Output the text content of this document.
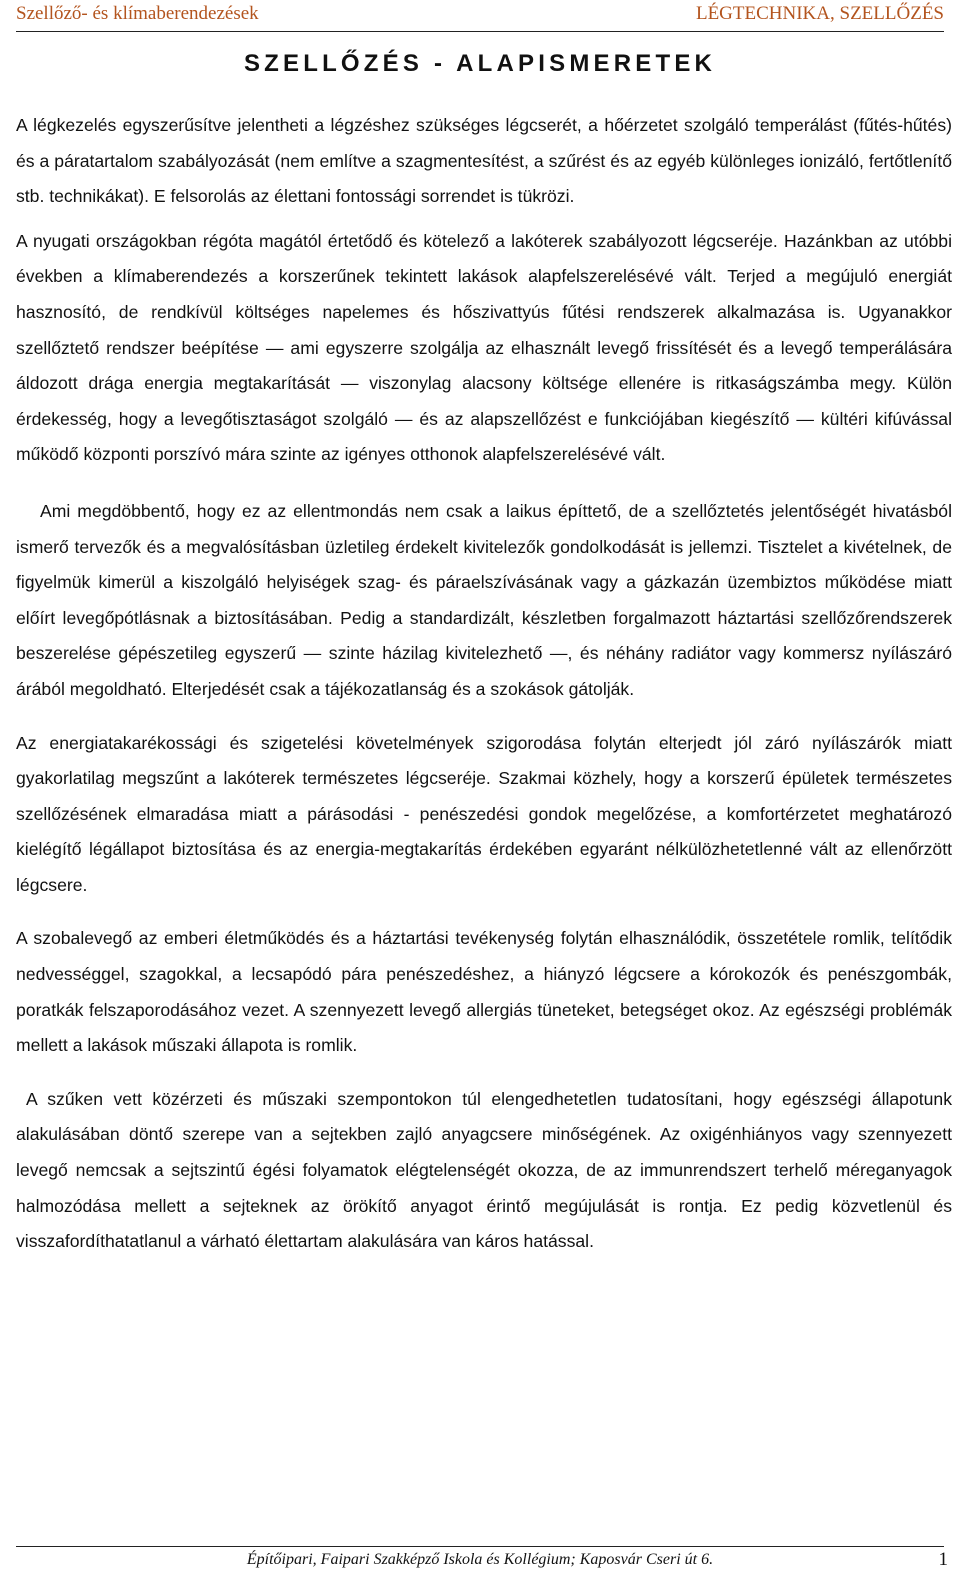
Szellőző- és klímaberendezések	LÉGTECHNIKA, SZELLŐZÉS
SZELLŐZÉS - ALAPISMERETEK

A légkezelés egyszerűsítve jelentheti a légzéshez szükséges légcserét, a hőérzetet szolgáló temperálást (fűtés-hűtés) és a páratartalom szabályozását (nem említve a szagmentesítést, a szűrést és az egyéb különleges ionizáló, fertőtlenítő stb. technikákat). E felsorolás az élettani fontossági sorrendet is tükrözi.

A nyugati országokban régóta magától értetődő és kötelező a lakóterek szabályozott légcseréje. Hazánkban az utóbbi években a klímaberendezés a korszerűnek tekintett lakások alapfelszerelésévé vált. Terjed a megújuló energiát hasznosító, de rendkívül költséges napelemes és hőszivattyús fűtési rendszerek alkalmazása is. Ugyanakkor szellőztető rendszer beépítése — ami egyszerre szolgálja az elhasznált levegő frissítését és a levegő temperálására áldozott drága energia megtakarítását — viszonylag alacsony költsége ellenére is ritkaságszámba megy. Külön érdekesség, hogy a levegőtisztaságot szolgáló — és az alapszellőzést e funkciójában kiegészítő — kültéri kifúvással működő központi porszívó mára szinte az igényes otthonok alapfelszerelésévé vált.

Ami megdöbbentő, hogy ez az ellentmondás nem csak a laikus építtető, de a szellőztetés jelentőségét hivatásból ismerő tervezők és a megvalósításban üzletileg érdekelt kivitelezők gondolkodását is jellemzi. Tisztelet a kivételnek, de figyelmük kimerül a kiszolgáló helyiségek szag- és páraelszívásának vagy a gázkazán üzembiztos működése miatt előírt levegőpótlásnak a biztosításában. Pedig a standardizált, készletben forgalmazott háztartási szellőzőrendszerek beszerelése gépészetileg egyszerű — szinte házilag kivitelezhető —, és néhány radiátor vagy kommersz nyílászáró árából megoldható. Elterjedését csak a tájékozatlanság és a szokások gátolják.

Az energiatakarékossági és szigetelési követelmények szigorodása folytán elterjedt jól záró nyílászárók miatt gyakorlatilag megszűnt a lakóterek természetes légcseréje. Szakmai közhely, hogy a korszerű épületek természetes szellőzésének elmaradása miatt a párásodási - penészedési gondok megelőzése, a komfortérzetet meghatározó kielégítő légállapot biztosítása és az energia-megtakarítás érdekében egyaránt nélkülözhetetlenné vált az ellenőrzött légcsere.

A szobalevegő az emberi életműködés és a háztartási tevékenység folytán elhasználódik, összetétele romlik, telítődik nedvességgel, szagokkal, a lecsapódó pára penészedéshez, a hiányzó légcsere a kórokozók és penészgombák, poratkák felszaporodásához vezet. A szennyezett levegő allergiás tüneteket, betegséget okoz. Az egészségi problémák mellett a lakások műszaki állapota is romlik.

A szűken vett közérzeti és műszaki szempontokon túl elengedhetetlen tudatosítani, hogy egészségi állapotunk alakulásában döntő szerepe van a sejtekben zajló anyagcsere minőségének. Az oxigénhiányos vagy szennyezett levegő nemcsak a sejtszintű égési folyamatok elégtelenségét okozza, de az immunrendszert terhelő méreganyagok halmozódása mellett a sejteknek az örökítő anyagot érintő megújulását is rontja. Ez pedig közvetlenül és visszafordíthatatlanul a várható élettartam alakulására van káros hatással.

Építőipari, Faipari Szakképző Iskola és Kollégium; Kaposvár Cseri út 6.	1
